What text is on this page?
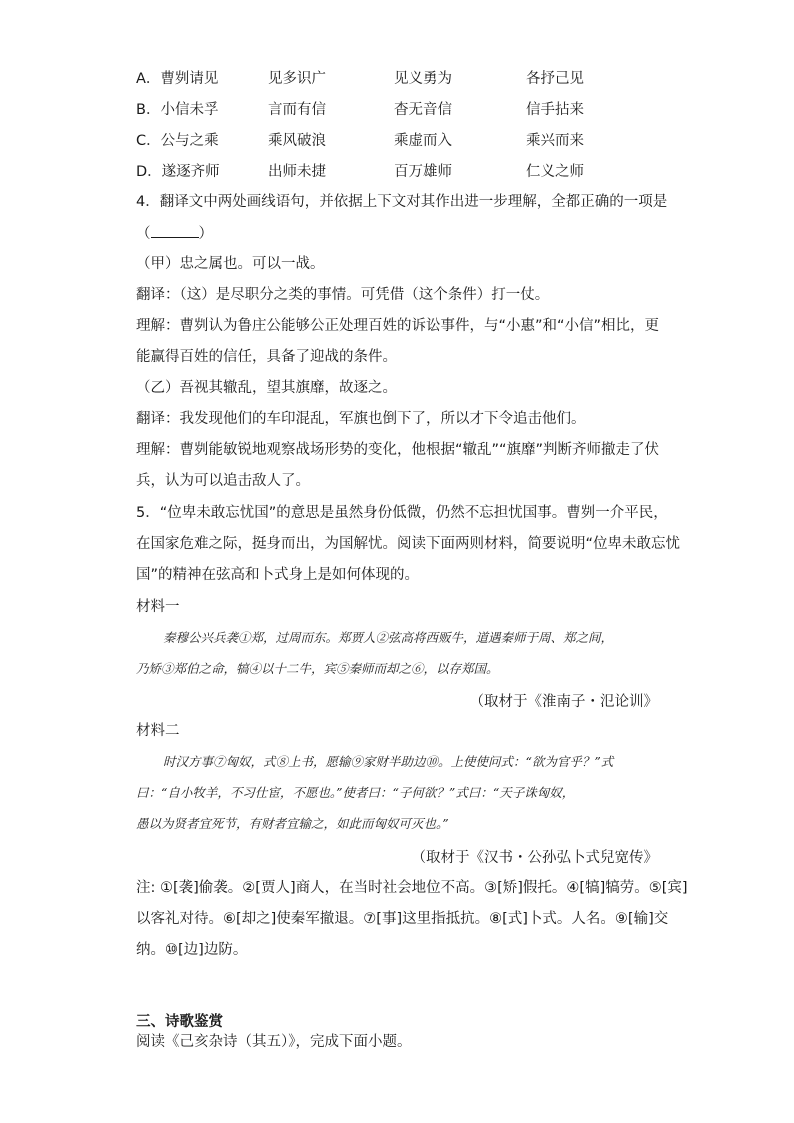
A．曹刿请见	见多识广	见义勇为	各抒己见
B．小信未孚	言而有信	杳无音信	信手拈来
C．公与之乘	乘风破浪	乘虚而入	乘兴而来
D．遂逐齐师	出师未捷	百万雄师	仁义之师
4．翻译文中两处画线语句，并依据上下文对其作出进一步理解，全都正确的一项是
（	）
（甲）忠之属也。可以一战。
翻译：（这）是尽职分之类的事情。可凭借（这个条件）打一仗。
理解：曹刿认为鲁庄公能够公正处理百姓的诉讼事件，与“小惠”和“小信”相比，更
能赢得百姓的信任，具备了迎战的条件。
（乙）吾视其辙乱，望其旗靡，故逐之。
翻译：我发现他们的车印混乱，军旗也倒下了，所以才下令追击他们。
理解：曹刿能敏锐地观察战场形势的变化，他根据“辙乱”“旗靡”判断齐师撤走了伏
兵，认为可以追击敌人了。
5．“位卑未敢忘忧国”的意思是虽然身份低微，仍然不忘担忧国事。曹刿一介平民，
在国家危难之际，挺身而出，为国解忧。阅读下面两则材料，简要说明“位卑未敢忘忧
国”的精神在弦高和卜式身上是如何体现的。
材料一
秦穆公兴兵袭①郑，过周而东。郑贾人②弦高将西贩牛，道遇秦师于周、郑之间，
乃矫③郑伯之命，犒④以十二牛，宾⑤秦师而却之⑥，以存郑国。
（取材于《淮南子・氾论训》
材料二
时汉方事⑦匈奴，式⑧上书，愿输⑨家财半助边⑩。上使使问式：“欲为官乎？”式
曰：“自小牧羊，不习仕宦，不愿也。”使者曰：“子何欲？”式曰：“天子诛匈奴，
愚以为贤者宜死节，有财者宜输之，如此而匈奴可灭也。”
（取材于《汉书・公孙弘卜式兒宽传》
注: ①[袭]偷袭。②[贾人]商人，在当时社会地位不高。③[矫]假托。④[犒]犒劳。⑤[宾]
以客礼对待。⑥[却之]使秦军撤退。⑦[事]这里指抵抗。⑧[式]卜式。人名。⑨[输]交
纳。⑩[边]边防。
三、诗歌鉴赏
阅读《己亥杂诗（其五）》，完成下面小题。
